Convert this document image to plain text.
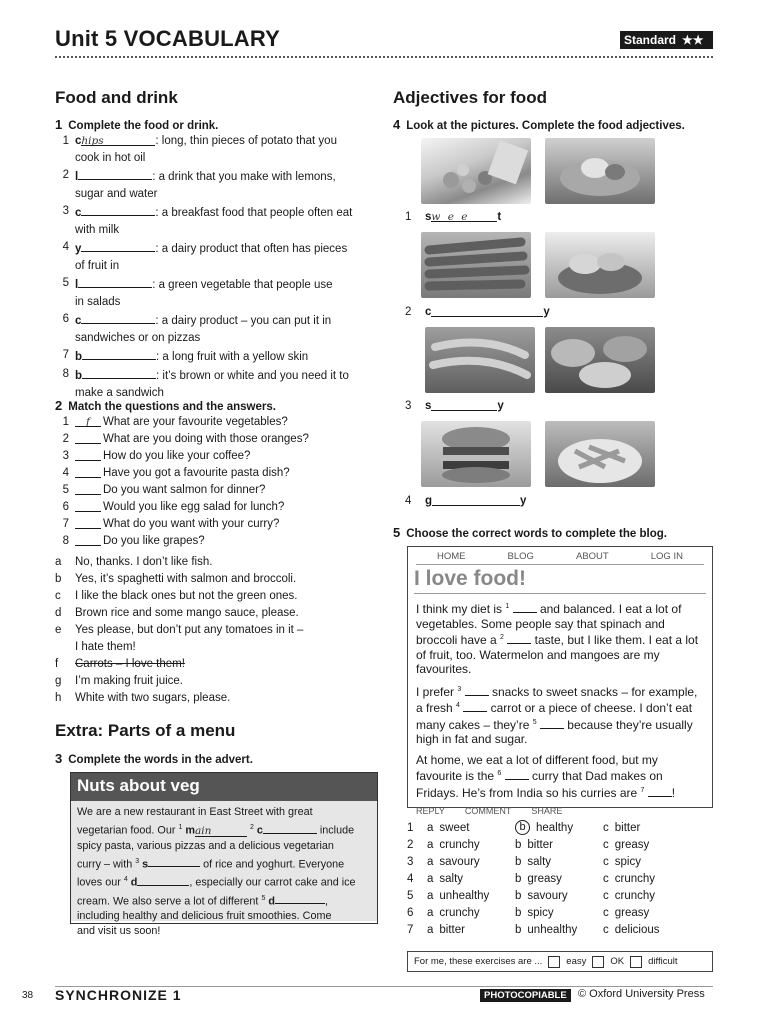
Unit 5 VOCABULARY	Standard ★★
Food and drink
1 Complete the food or drink.
1 chips	: long, thin pieces of potato that you
cook in hot oil
2 l	: a drink that you make with lemons,
sugar and water
3 c	: a breakfast food that people often eat
with milk
4 y	: a dairy product that often has pieces
of fruit in
5 l	: a green vegetable that people use
in salads
6 c	: a dairy product – you can put it in
sandwiches or on pizzas
7 b	: a long fruit with a yellow skin
8 b	: it’s brown or white and you need it to
make a sandwich
2 Match the questions and the answers.
1	f	What are your favourite vegetables?
2	What are you doing with those oranges?
3	How do you like your coffee?
4	Have you got a favourite pasta dish?
5	Do you want salmon for dinner?
6	Would you like egg salad for lunch?
7	What do you want with your curry?
8	Do you like grapes?
a	No, thanks. I don’t like fish.
b	Yes, it’s spaghetti with salmon and broccoli.
c	I like the black ones but not the green ones.
d	Brown rice and some mango sauce, please.
e	Yes please, but don’t put any tomatoes in it –
I hate them!
f	Carrots – I love them!
g	I’m making fruit juice.
h	White with two sugars, please.
Extra: Parts of a menu
3 Complete the words in the advert.
Nuts about veg
We are a new restaurant in East Street with great
vegetarian food. Our $^1$ main	$^2$ c	include
spicy pasta, various pizzas and a delicious vegetarian
curry – with $^3$ s	of rice and yoghurt. Everyone
loves our $^4$ d	, especially our carrot cake and ice
cream. We also serve a lot of different $^5$ d	,
including healthy and delicious fruit smoothies. Come
and visit us soon!
Adjectives for food
4 Look at the pictures. Complete the food adjectives.
1	s w e e	t
2	c	y
3	s	y
4	g	y
5 Choose the correct words to complete the blog.
HOME	BLOG	ABOUT	LOG IN
I love food!

I think my diet is $^1$  and balanced. I eat a lot of vegetables. Some people say that spinach and broccoli have a $^2$  taste, but I like them. I eat a lot of fruit, too. Watermelon and mangoes are my favourites.

I prefer $^3$  snacks to sweet snacks – for example, a fresh $^4$  carrot or a piece of cheese. I don’t eat many cakes – they’re $^5$  because they’re usually high in fat and sugar.

At home, we eat a lot of different food, but my favourite is the $^6$  curry that Dad makes on Fridays. He’s from India so his curries are $^7$ !

REPLY COMMENT SHARE
1	a sweet	b healthy	c bitter
2	a crunchy	b bitter	c greasy
3	a savoury	b salty	c spicy
4	a salty	b greasy	c crunchy
5	a unhealthy b savoury	c crunchy
6	a crunchy	b spicy	c greasy
7	a bitter	b unhealthy c delicious
For me, these exercises are ...	easy	OK	difficult
38 SYNCHRONIZE 1	PHOTOCOPIABLE	© Oxford University Press
